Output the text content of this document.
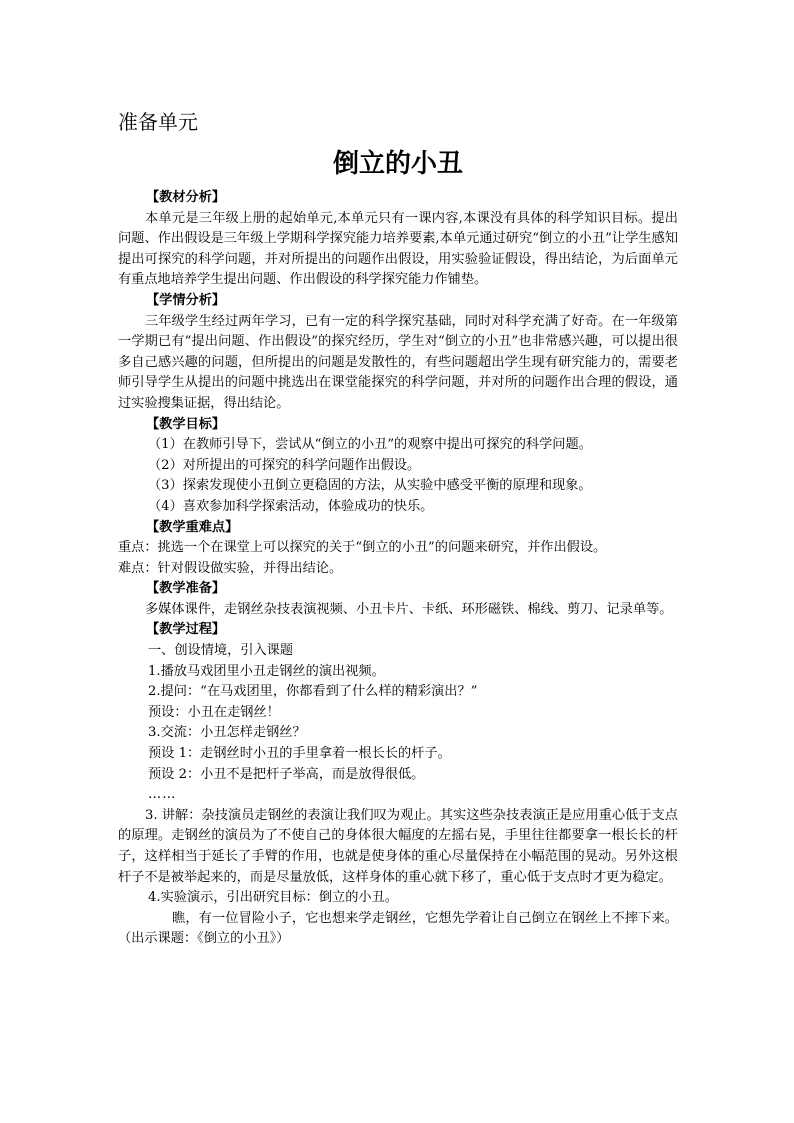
准备单元
倒立的小丑
【教材分析】

本单元是三年级上册的起始单元,本单元只有一课内容,本课没有具体的科学知识目标。提出问题、作出假设是三年级上学期科学探究能力培养要素,本单元通过研究“倒立的小丑”让学生感知提出可探究的科学问题，并对所提出的问题作出假设，用实验验证假设，得出结论，为后面单元有重点地培养学生提出问题、作出假设的科学探究能力作铺垫。

【学情分析】

三年级学生经过两年学习，已有一定的科学探究基础，同时对科学充满了好奇。在一年级第一学期已有“提出问题、作出假设”的探究经历，学生对“倒立的小丑”也非常感兴趣，可以提出很多自己感兴趣的问题，但所提出的问题是发散性的，有些问题超出学生现有研究能力的，需要老师引导学生从提出的问题中挑选出在课堂能探究的科学问题，并对所的问题作出合理的假设，通过实验搜集证据，得出结论。

【教学目标】
（1）在教师引导下，尝试从“倒立的小丑”的观察中提出可探究的科学问题。
（2）对所提出的可探究的科学问题作出假设。
（3）探索发现使小丑倒立更稳固的方法，从实验中感受平衡的原理和现象。
（4）喜欢参加科学探索活动，体验成功的快乐。
【教学重难点】
重点：挑选一个在课堂上可以探究的关于“倒立的小丑”的问题来研究，并作出假设。
难点：针对假设做实验，并得出结论。
【教学准备】

多媒体课件，走钢丝杂技表演视频、小丑卡片、卡纸、环形磁铁、棉线、剪刀、记录单等。

【教学过程】
一、创设情境，引入课题
1.播放马戏团里小丑走钢丝的演出视频。
2.提问：“在马戏团里，你都看到了什么样的精彩演出？”
预设：小丑在走钢丝！
3.交流：小丑怎样走钢丝？
预设 1：走钢丝时小丑的手里拿着一根长长的杆子。
预设 2：小丑不是把杆子举高，而是放得很低。
……

3. 讲解：杂技演员走钢丝的表演让我们叹为观止。其实这些杂技表演正是应用重心低于支点的原理。走钢丝的演员为了不使自己的身体很大幅度的左摇右晃，手里往往都要拿一根长长的杆子，这样相当于延长了手臂的作用，也就是使身体的重心尽量保持在小幅范围的晃动。另外这根杆子不是被举起来的，而是尽量放低，这样身体的重心就下移了，重心低于支点时才更为稳定。

4.实验演示，引出研究目标：倒立的小丑。

瞧，有一位冒险小子，它也想来学走钢丝，它想先学着让自己倒立在钢丝上不摔下来。（出示课题：《倒立的小丑》）
